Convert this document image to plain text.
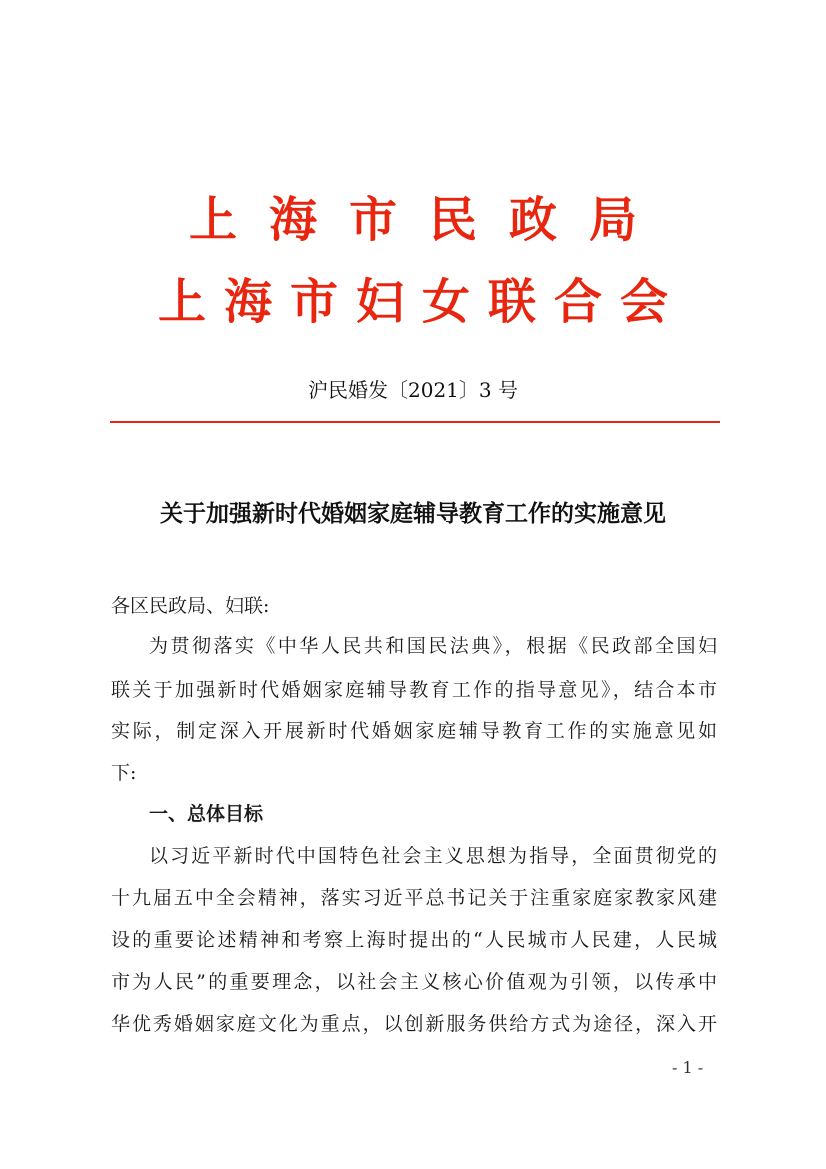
上海市民政局
上海市妇女联合会
沪民婚发〔2021〕3 号
关于加强新时代婚姻家庭辅导教育工作的实施意见
各区民政局、妇联:
为贯彻落实《中华人民共和国民法典》，根据《民政部全国妇
联关于加强新时代婚姻家庭辅导教育工作的指导意见》，结合本市
实际，制定深入开展新时代婚姻家庭辅导教育工作的实施意见如
下:
一、总体目标
以习近平新时代中国特色社会主义思想为指导，全面贯彻党的
十九届五中全会精神，落实习近平总书记关于注重家庭家教家风建
设的重要论述精神和考察上海时提出的“人民城市人民建，人民城
市为人民”的重要理念，以社会主义核心价值观为引领，以传承中
华优秀婚姻家庭文化为重点，以创新服务供给方式为途径，深入开
- 1 -
